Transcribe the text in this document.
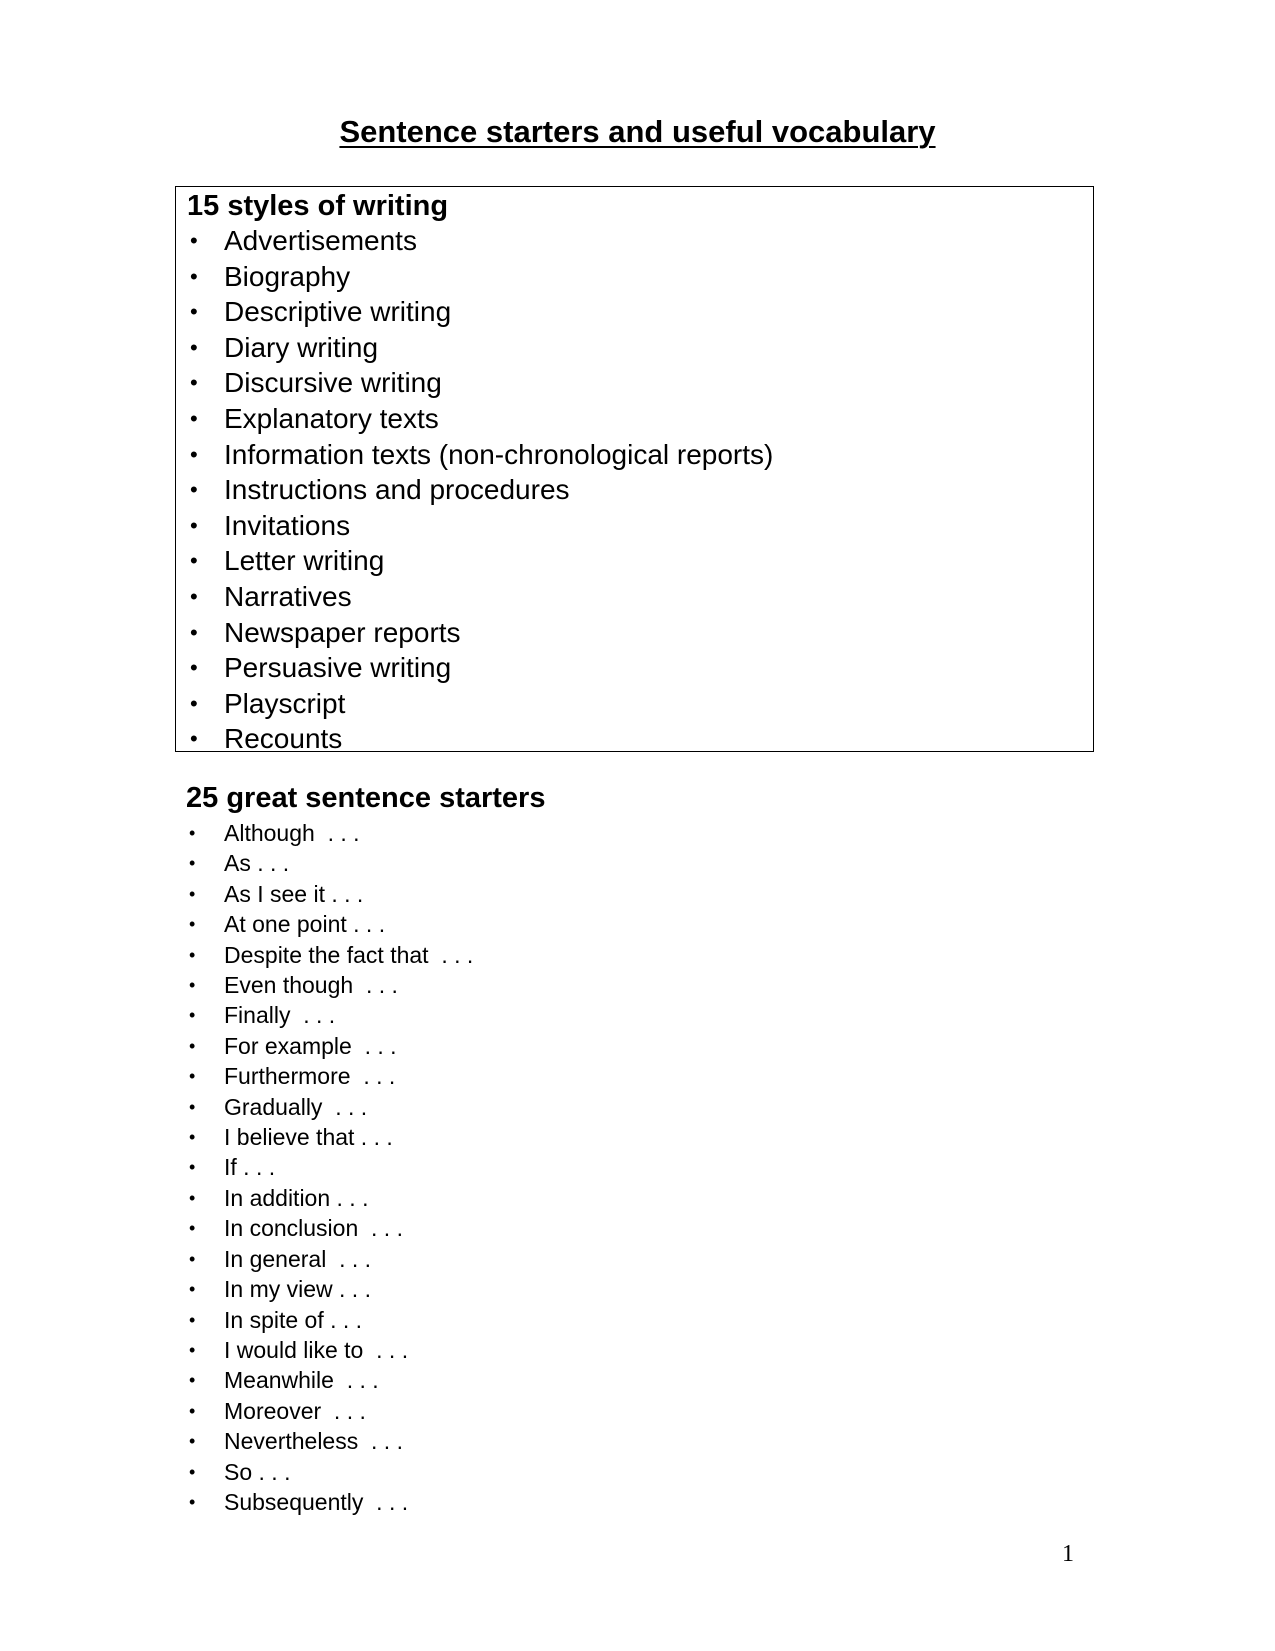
Sentence starters and useful vocabulary
15 styles of writing
• Advertisements
• Biography
• Descriptive writing
• Diary writing
• Discursive writing
• Explanatory texts
• Information texts (non-chronological reports)
• Instructions and procedures
• Invitations
• Letter writing
• Narratives
• Newspaper reports
• Persuasive writing
• Playscript
• Recounts
25 great sentence starters
• Although  . . .
• As . . .
• As I see it . . .
• At one point . . .
• Despite the fact that  . . .
• Even though  . . .
• Finally  . . .
• For example  . . .
• Furthermore  . . .
• Gradually  . . .
• I believe that . . .
• If . . .
• In addition . . .
• In conclusion  . . .
• In general  . . .
• In my view . . .
• In spite of . . .
• I would like to  . . .
• Meanwhile  . . .
• Moreover  . . .
• Nevertheless  . . .
• So . . .
• Subsequently  . . .
1
